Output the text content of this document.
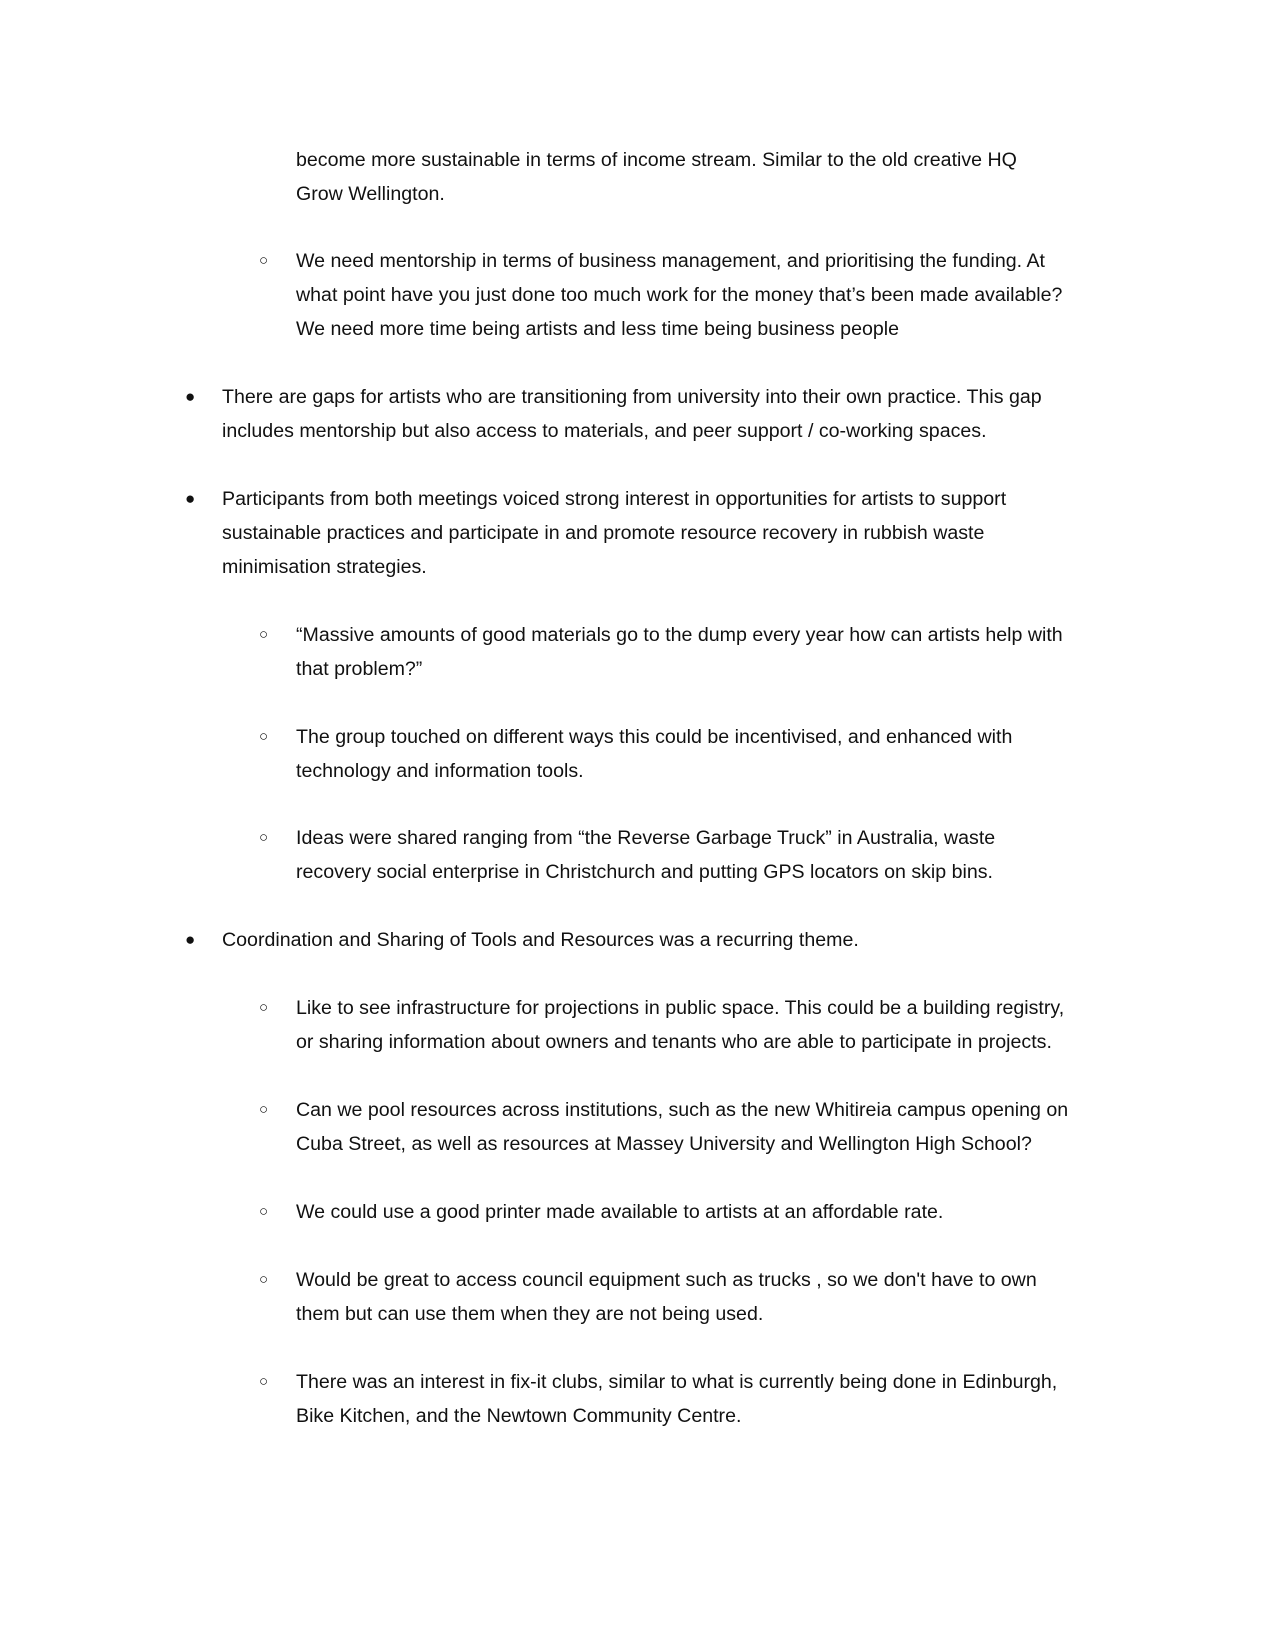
become more sustainable in terms of income stream. Similar to the old creative HQ
Grow Wellington.
○ We need mentorship in terms of business management, and prioritising the funding. At
what point have you just done too much work for the money that’s been made available?
We need more time being artists and less time being business people
● There are gaps for artists who are transitioning from university into their own practice. This gap
includes mentorship but also access to materials, and peer support / co-working spaces.
● Participants from both meetings voiced strong interest in opportunities for artists to support
sustainable practices and participate in and promote resource recovery in rubbish waste
minimisation strategies.
○ “Massive amounts of good materials go to the dump every year how can artists help with
that problem?”
○ The group touched on different ways this could be incentivised, and enhanced with
technology and information tools.
○ Ideas were shared ranging from “the Reverse Garbage Truck” in Australia, waste
recovery social enterprise in Christchurch and putting GPS locators on skip bins.
● Coordination and Sharing of Tools and Resources was a recurring theme.
○ Like to see infrastructure for projections in public space. This could be a building registry,
or sharing information about owners and tenants who are able to participate in projects.
○ Can we pool resources across institutions, such as the new Whitireia campus opening on
Cuba Street, as well as resources at Massey University and Wellington High School?
○ We could use a good printer made available to artists at an affordable rate.
○ Would be great to access council equipment such as trucks , so we don't have to own
them but can use them when they are not being used.
○ There was an interest in fix-it clubs, similar to what is currently being done in Edinburgh,
Bike Kitchen, and the Newtown Community Centre.
